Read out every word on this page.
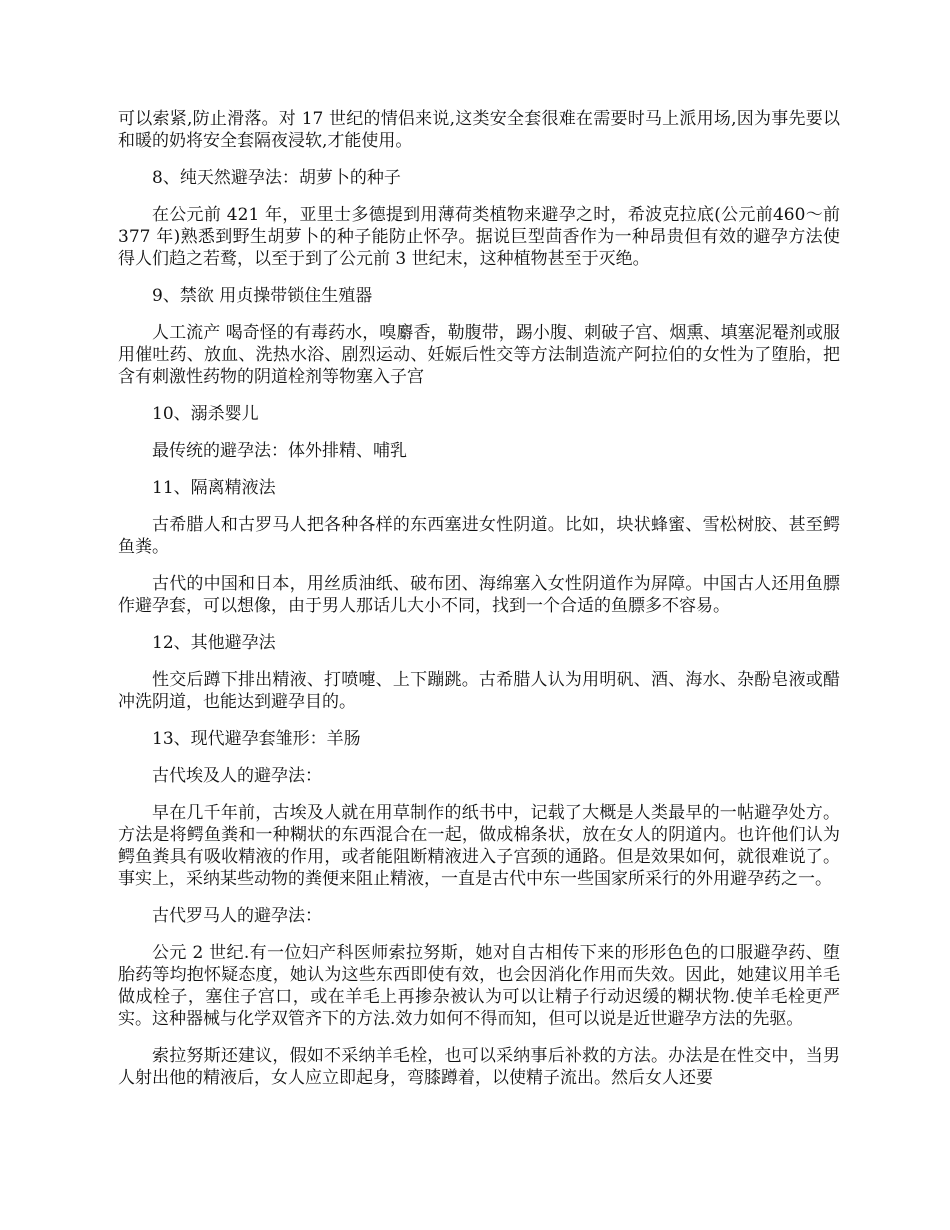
可以索紧,防止滑落。对 17 世纪的情侣来说,这类安全套很难在需要时马上派用场,因为事先要以和暖的奶将安全套隔夜浸软,才能使用。

8、纯天然避孕法：胡萝卜的种子

在公元前 421 年，亚里士多德提到用薄荷类植物来避孕之时，希波克拉底(公元前460～前 377 年)熟悉到野生胡萝卜的种子能防止怀孕。据说巨型茴香作为一种昂贵但有效的避孕方法使得人们趋之若鹜，以至于到了公元前 3 世纪末，这种植物甚至于灭绝。

9、禁欲 用贞操带锁住生殖器

人工流产 喝奇怪的有毒药水，嗅麝香，勒腹带，踢小腹、刺破子宫、烟熏、填塞泥罨剂或服用催吐药、放血、洗热水浴、剧烈运动、妊娠后性交等方法制造流产阿拉伯的女性为了堕胎，把含有刺激性药物的阴道栓剂等物塞入子宫

10、溺杀婴儿

最传统的避孕法：体外排精、哺乳

11、隔离精液法

古希腊人和古罗马人把各种各样的东西塞进女性阴道。比如，块状蜂蜜、雪松树胶、甚至鳄鱼粪。

古代的中国和日本，用丝质油纸、破布团、海绵塞入女性阴道作为屏障。中国古人还用鱼膘作避孕套，可以想像，由于男人那话儿大小不同，找到一个合适的鱼膘多不容易。

12、其他避孕法

性交后蹲下排出精液、打喷嚏、上下蹦跳。古希腊人认为用明矾、酒、海水、杂酚皂液或醋冲洗阴道，也能达到避孕目的。

13、现代避孕套雏形：羊肠

古代埃及人的避孕法：

早在几千年前，古埃及人就在用草制作的纸书中，记载了大概是人类最早的一帖避孕处方。方法是将鳄鱼粪和一种糊状的东西混合在一起，做成棉条状，放在女人的阴道内。也许他们认为鳄鱼粪具有吸收精液的作用，或者能阻断精液进入子宫颈的通路。但是效果如何，就很难说了。事实上，采纳某些动物的粪便来阻止精液，一直是古代中东一些国家所采行的外用避孕药之一。

古代罗马人的避孕法：

公元 2 世纪.有一位妇产科医师索拉努斯，她对自古相传下来的形形色色的口服避孕药、堕胎药等均抱怀疑态度，她认为这些东西即使有效，也会因消化作用而失效。因此，她建议用羊毛做成栓子，塞住子宫口，或在羊毛上再掺杂被认为可以让精子行动迟缓的糊状物.使羊毛栓更严实。这种器械与化学双管齐下的方法.效力如何不得而知，但可以说是近世避孕方法的先驱。

索拉努斯还建议，假如不采纳羊毛栓，也可以采纳事后补救的方法。办法是在性交中，当男人射出他的精液后，女人应立即起身，弯膝蹲着，以使精子流出。然后女人还要
